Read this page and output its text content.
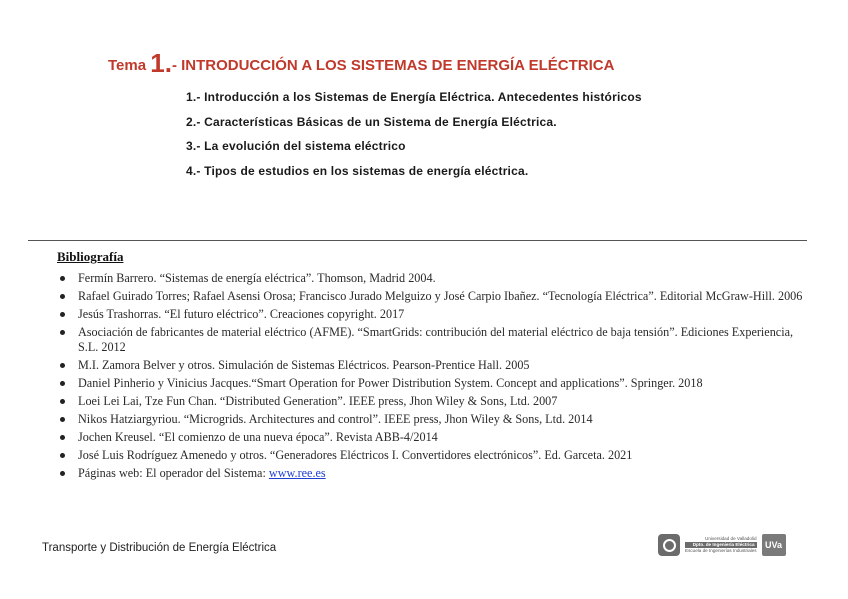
Tema 1.- INTRODUCCIÓN A LOS SISTEMAS DE ENERGÍA ELÉCTRICA
1.- Introducción a los Sistemas de Energía Eléctrica. Antecedentes históricos
2.- Características Básicas de un Sistema de Energía Eléctrica.
3.- La evolución del sistema eléctrico
4.- Tipos de estudios en los sistemas de energía eléctrica.
Bibliografía
Fermín Barrero. “Sistemas de energía eléctrica”. Thomson, Madrid 2004.
Rafael Guirado Torres; Rafael Asensi Orosa; Francisco Jurado Melguizo y José Carpio Ibañez. “Tecnología Eléctrica”. Editorial McGraw-Hill. 2006
Jesús Trashorras. “El futuro eléctrico”. Creaciones copyright. 2017
Asociación de fabricantes de material eléctrico (AFME). “SmartGrids: contribución del material eléctrico de baja tensión”. Ediciones Experiencia, S.L. 2012
M.I. Zamora Belver y otros. Simulación de Sistemas Eléctricos. Pearson-Prentice Hall. 2005
Daniel Pinherio y Vinicius Jacques.“Smart Operation for Power Distribution System. Concept and applications”. Springer. 2018
Loei Lei Lai, Tze Fun Chan. “Distributed Generation”. IEEE press, Jhon Wiley & Sons, Ltd. 2007
Nikos Hatziargyriou. “Microgrids. Architectures and control”. IEEE press, Jhon Wiley & Sons, Ltd. 2014
Jochen Kreusel. “El comienzo de una nueva época”. Revista ABB-4/2014
José Luis Rodríguez Amenedo y otros. “Generadores Eléctricos I. Convertidores electrónicos”. Ed. Garceta. 2021
Páginas web: El operador del Sistema: www.ree.es
Transporte y Distribución de Energía Eléctrica
Universidad de Valladolid
Dpto. de Ingeniería Eléctrica
Escuela de Ingenierías Industriales
UVa
